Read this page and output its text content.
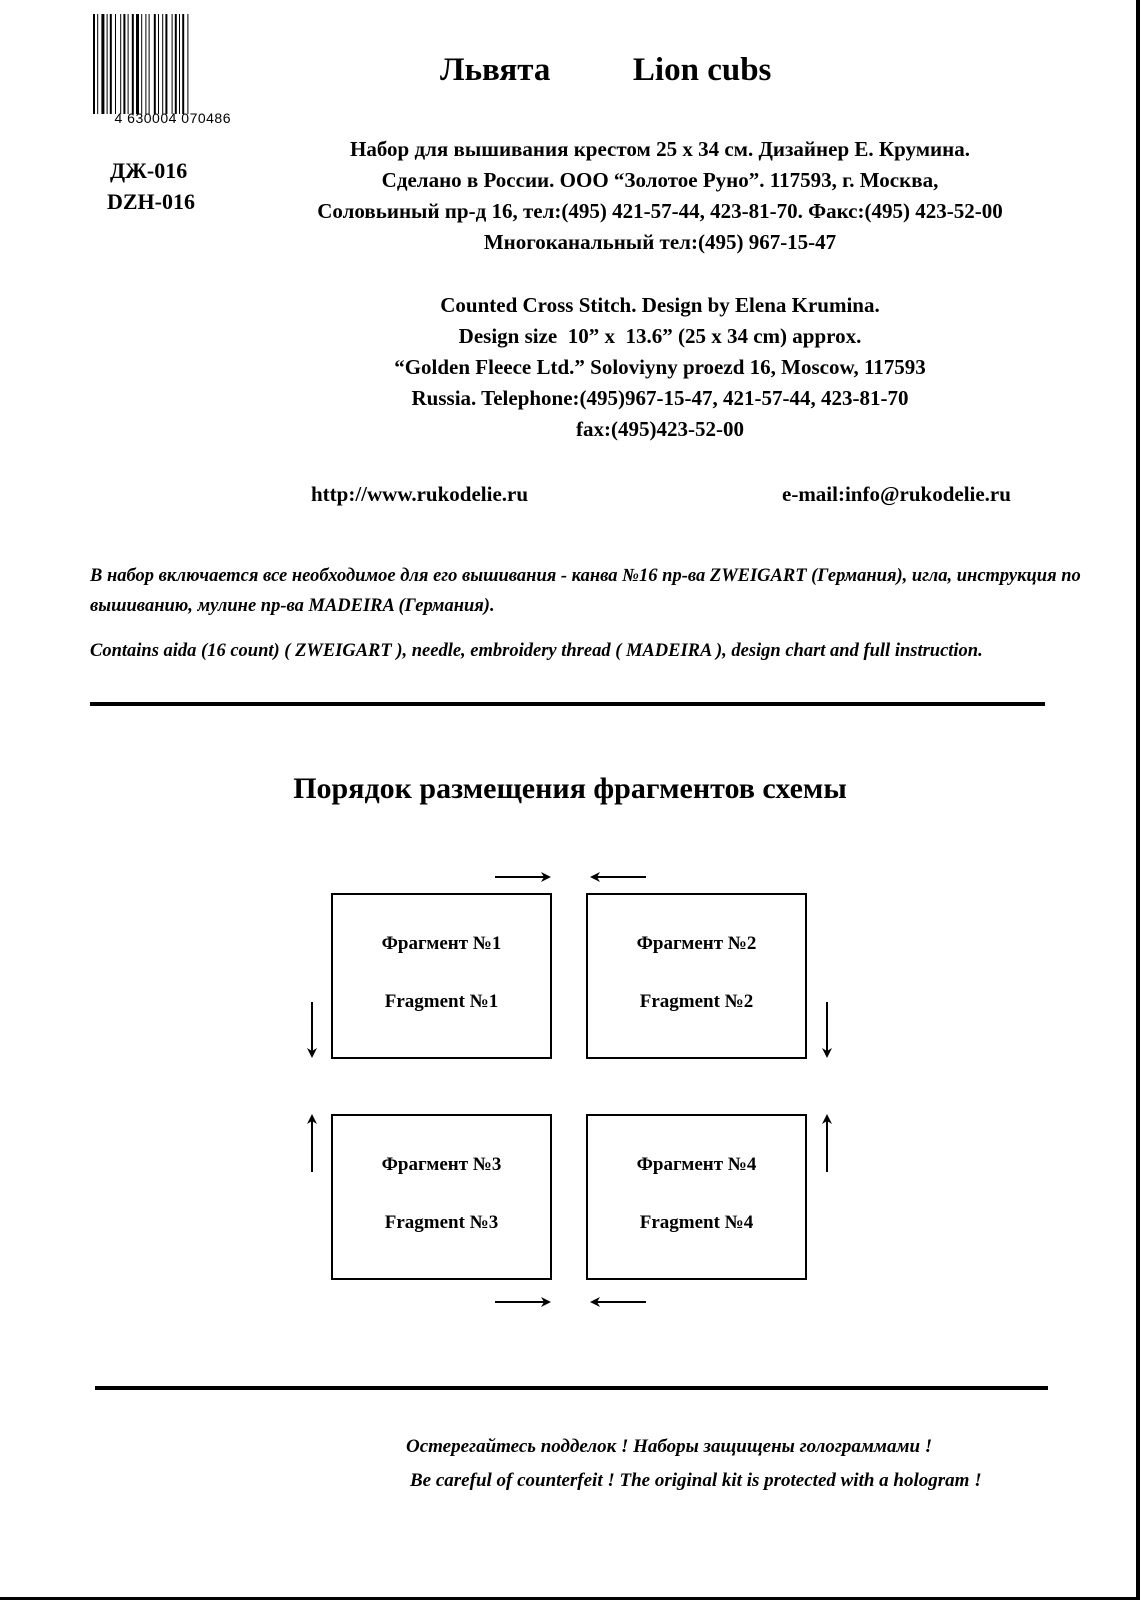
4 630004 070486
Львята	Lion cubs
ДЖ-016
DZH-016
Набор для вышивания крестом 25 х 34 см. Дизайнер Е. Крумина.
Сделано в России. ООО “Золотое Руно”. 117593, г. Москва,
Соловьиный пр-д 16, тел:(495) 421-57-44, 423-81-70. Факс:(495) 423-52-00
Многоканальный тел:(495) 967-15-47
Counted Cross Stitch. Design by Elena Krumina.
Design size  10” x  13.6” (25 x 34 cm) approx.
“Golden Fleece Ltd.” Soloviyny proezd 16, Moscow, 117593
Russia. Telephone:(495)967-15-47, 421-57-44, 423-81-70
fax:(495)423-52-00
http://www.rukodelie.ru	e-mail:info@rukodelie.ru
В набор включается все необходимое для его вышивания - канва №16 пр-ва ZWEIGART (Германия), игла, инструкция по вышиванию, мулине пр-ва MADEIRA (Германия).
Contains aida (16 count) ( ZWEIGART ), needle, embroidery thread ( MADEIRA ), design chart and full instruction.
Порядок размещения фрагментов схемы
Фрагмент №1
Fragment №1
Фрагмент №2
Fragment №2
Фрагмент №3
Fragment №3
Фрагмент №4
Fragment №4
Остерегайтесь подделок ! Наборы защищены голограммами !
Be careful of counterfeit ! The original kit is protected with a hologram !
